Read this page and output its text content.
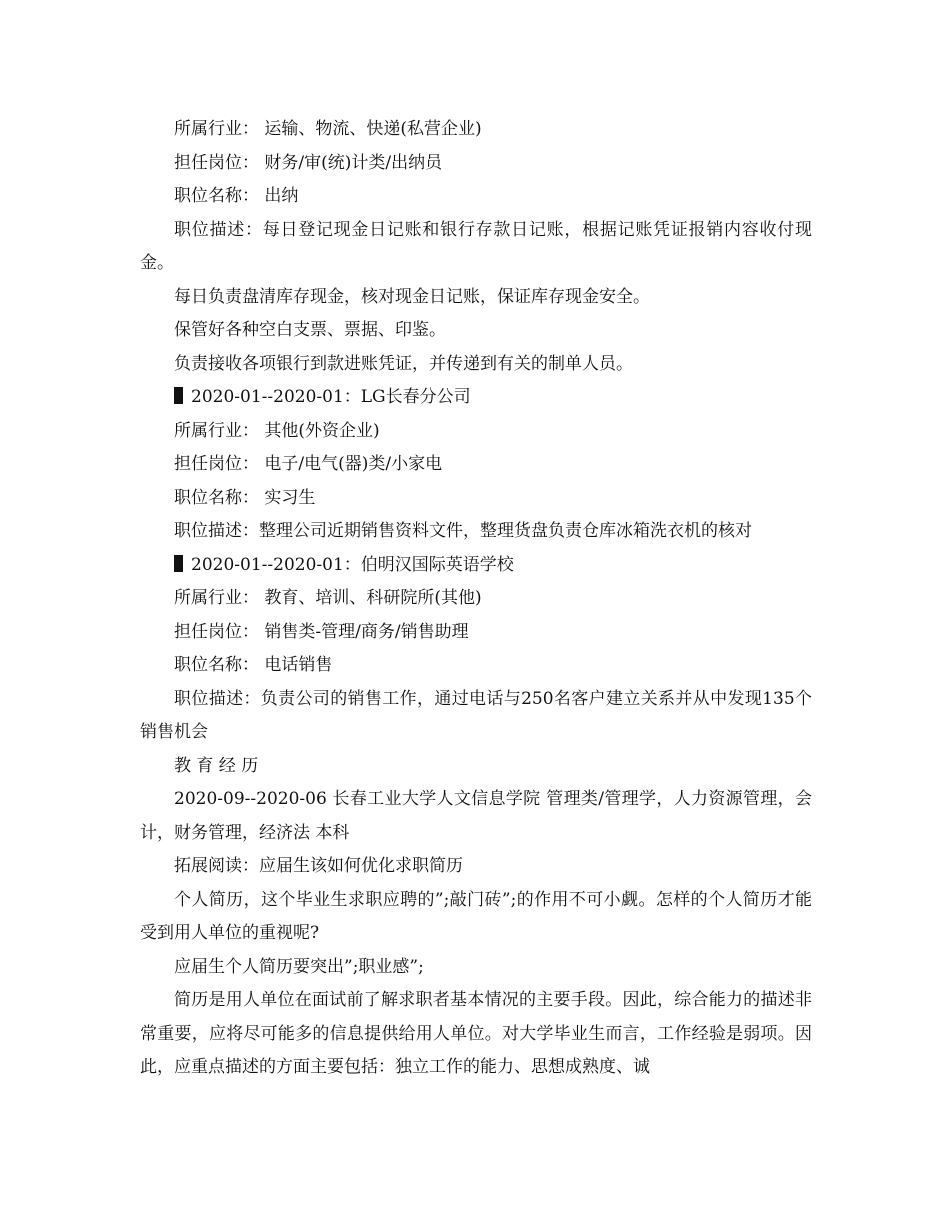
所属行业： 运输、物流、快递(私营企业)

担任岗位： 财务/审(统)计类/出纳员

职位名称： 出纳

职位描述：每日登记现金日记账和银行存款日记账，根据记账凭证报销内容收付现金。

每日负责盘清库存现金，核对现金日记账，保证库存现金安全。

保管好各种空白支票、票据、印鉴。

负责接收各项银行到款进账凭证，并传递到有关的制单人员。

2020-01--2020-01：LG长春分公司

所属行业： 其他(外资企业)

担任岗位： 电子/电气(器)类/小家电

职位名称： 实习生

职位描述：整理公司近期销售资料文件，整理货盘负责仓库冰箱洗衣机的核对

2020-01--2020-01：伯明汉国际英语学校

所属行业： 教育、培训、科研院所(其他)

担任岗位： 销售类-管理/商务/销售助理

职位名称： 电话销售

职位描述：负责公司的销售工作，通过电话与250名客户建立关系并从中发现135个销售机会

教 育 经 历

2020-09--2020-06 长春工业大学人文信息学院 管理类/管理学，人力资源管理，会计，财务管理，经济法 本科

拓展阅读：应届生该如何优化求职简历

个人简历，这个毕业生求职应聘的”;敲门砖”;的作用不可小觑。怎样的个人简历才能受到用人单位的重视呢?

应届生个人简历要突出”;职业感”;

简历是用人单位在面试前了解求职者基本情况的主要手段。因此，综合能力的描述非常重要，应将尽可能多的信息提供给用人单位。对大学毕业生而言，工作经验是弱项。因此，应重点描述的方面主要包括：独立工作的能力、思想成熟度、诚
